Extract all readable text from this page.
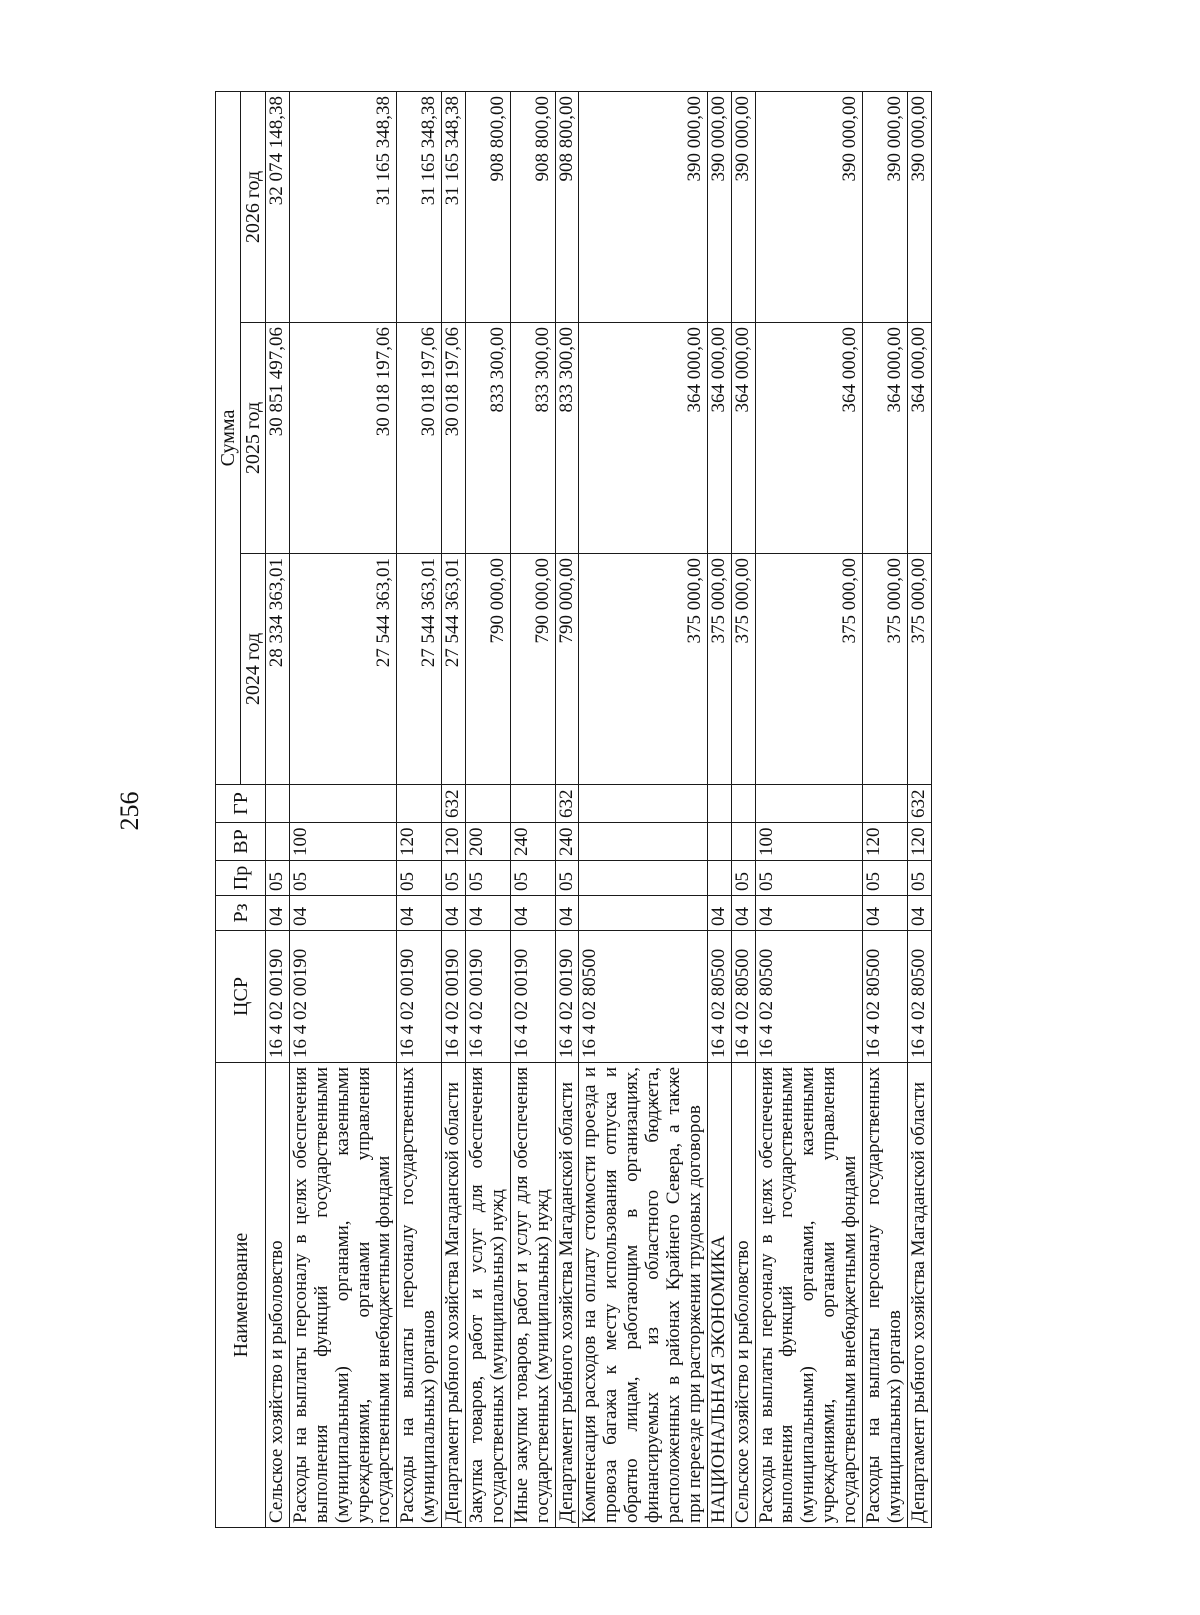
256
Наименование	ЦСР	Рз	Пр	ВР	ГР	Сумма		
						2024 год	2025 год	2026 год
Сельское хозяйство и рыболовство	16 4 02 00190	04	05			28 334 363,01	30 851 497,06	32 074 148,38
Расходы на выплаты персоналу в целях обеспечения выполнения функций государственными (муниципальными) органами, казенными учреждениями, органами управления государственными внебюджетными фондами	16 4 02 00190	04	05	100		27 544 363,01	30 018 197,06	31 165 348,38
Расходы на выплаты персоналу государственных (муниципальных) органов	16 4 02 00190	04	05	120		27 544 363,01	30 018 197,06	31 165 348,38
Департамент рыбного хозяйства Магаданской области	16 4 02 00190	04	05	120	632	27 544 363,01	30 018 197,06	31 165 348,38
Закупка товаров, работ и услуг для обеспечения государственных (муниципальных) нужд	16 4 02 00190	04	05	200		790 000,00	833 300,00	908 800,00
Иные закупки товаров, работ и услуг для обеспечения государственных (муниципальных) нужд	16 4 02 00190	04	05	240		790 000,00	833 300,00	908 800,00
Департамент рыбного хозяйства Магаданской области	16 4 02 00190	04	05	240	632	790 000,00	833 300,00	908 800,00
Компенсация расходов на оплату стоимости проезда и провоза багажа к месту использования отпуска и обратно лицам, работающим в организациях, финансируемых из областного бюджета, расположенных в районах Крайнего Севера, а также при переезде при расторжении трудовых договоров	16 4 02 80500					375 000,00	364 000,00	390 000,00
НАЦИОНАЛЬНАЯ ЭКОНОМИКА	16 4 02 80500	04				375 000,00	364 000,00	390 000,00
Сельское хозяйство и рыболовство	16 4 02 80500	04	05			375 000,00	364 000,00	390 000,00
Расходы на выплаты персоналу в целях обеспечения выполнения функций государственными (муниципальными) органами, казенными учреждениями, органами управления государственными внебюджетными фондами	16 4 02 80500	04	05	100		375 000,00	364 000,00	390 000,00
Расходы на выплаты персоналу государственных (муниципальных) органов	16 4 02 80500	04	05	120		375 000,00	364 000,00	390 000,00
Департамент рыбного хозяйства Магаданской области	16 4 02 80500	04	05	120	632	375 000,00	364 000,00	390 000,00
